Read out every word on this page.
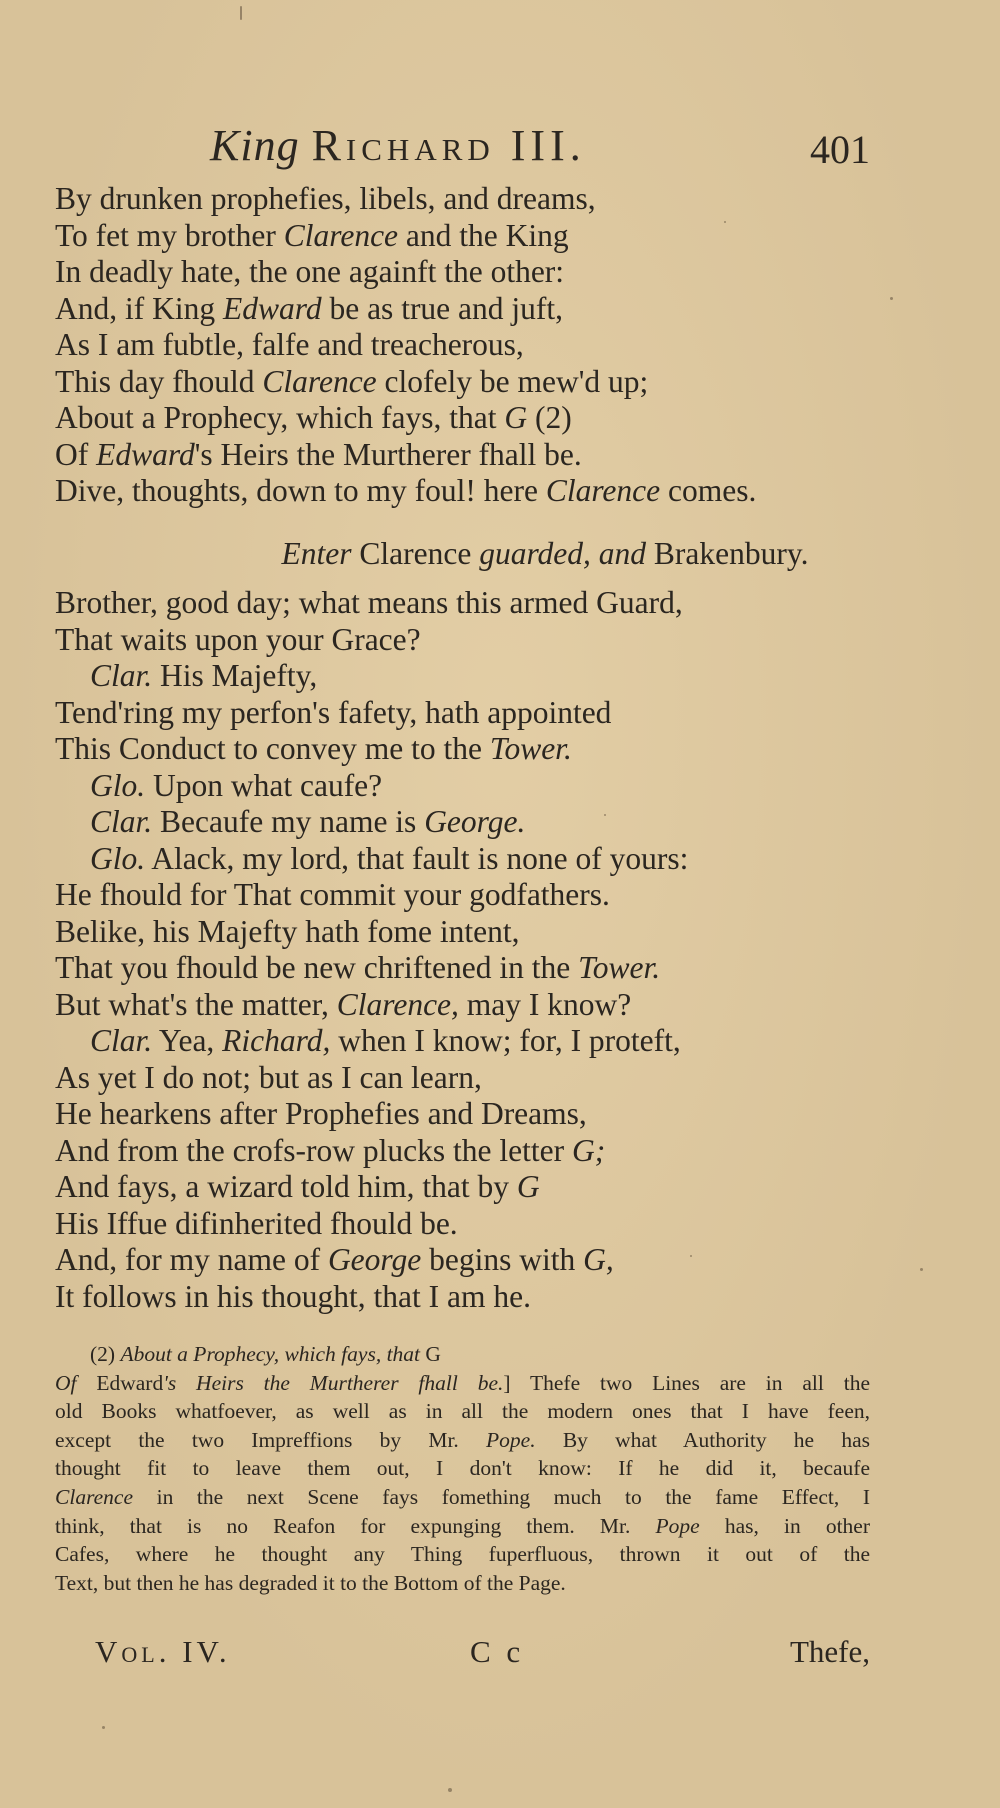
King Richard III.	401
By drunken prophefies, libels, and dreams,
To fet my brother Clarence and the King
In deadly hate, the one againft the other:
And, if King Edward be as true and juft,
As I am fubtle, falfe and treacherous,
This day fhould Clarence clofely be mew'd up;
About a Prophecy, which fays, that G (2)
Of Edward's Heirs the Murtherer fhall be.
Dive, thoughts, down to my foul! here Clarence comes.
Enter Clarence guarded, and Brakenbury.
Brother, good day; what means this armed Guard,
That waits upon your Grace?
Clar. His Majefty,
Tend'ring my perfon's fafety, hath appointed
This Conduct to convey me to the Tower.
Glo. Upon what caufe?
Clar. Becaufe my name is George.
Glo. Alack, my lord, that fault is none of yours:
He fhould for That commit your godfathers.
Belike, his Majefty hath fome intent,
That you fhould be new chriftened in the Tower.
But what's the matter, Clarence, may I know?
Clar. Yea, Richard, when I know; for, I proteft,
As yet I do not; but as I can learn,
He hearkens after Prophefies and Dreams,
And from the crofs-row plucks the letter G;
And fays, a wizard told him, that by G
His Iffue difinherited fhould be.
And, for my name of George begins with G,
It follows in his thought, that I am he.
(2) About a Prophecy, which fays, that G
Of Edward's Heirs the Murtherer fhall be.] Thefe two Lines are in all the
old Books whatfoever, as well as in all the modern ones that I have feen,
except the two Impreffions by Mr. Pope. By what Authority he has
thought fit to leave them out, I don't know: If he did it, becaufe
Clarence in the next Scene fays fomething much to the fame Effect, I
think, that is no Reafon for expunging them. Mr. Pope has, in other
Cafes, where he thought any Thing fuperfluous, thrown it out of the
Text, but then he has degraded it to the Bottom of the Page.
Vol. IV.	C c	Thefe,
